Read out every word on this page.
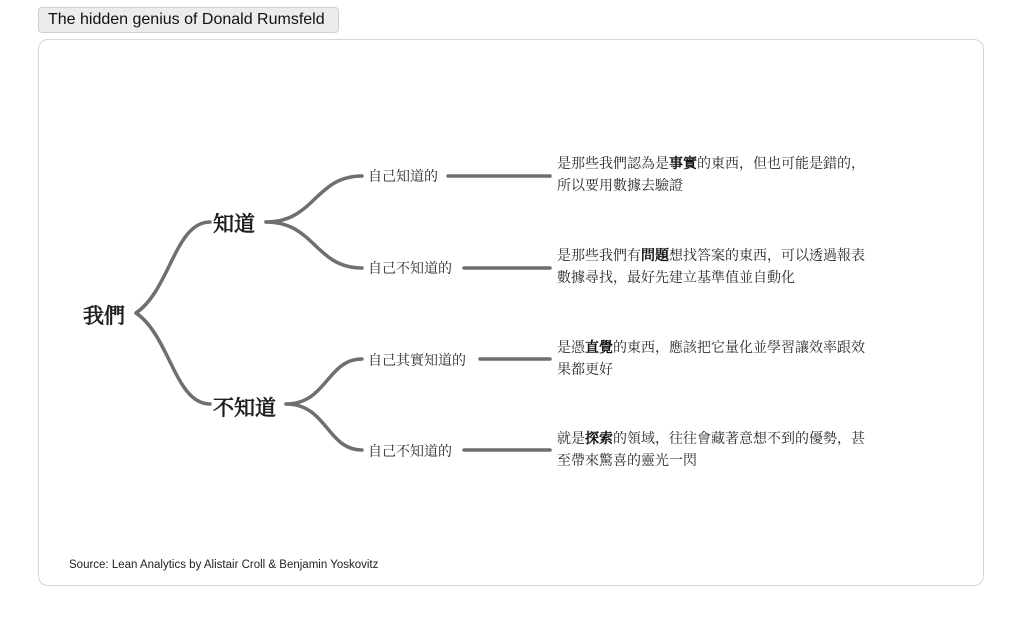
The hidden genius of Donald Rumsfeld
我們
知道
不知道
自己知道的
自己不知道的
自己其實知道的
自己不知道的
是那些我們認為是事實的東西，但也可能是錯的，所以要用數據去驗證
是那些我們有問題想找答案的東西，可以透過報表數據尋找，最好先建立基準值並自動化
是憑直覺的東西，應該把它量化並學習讓效率跟效果都更好
就是探索的領域，往往會藏著意想不到的優勢，甚至帶來驚喜的靈光一閃
Source: Lean Analytics by Alistair Croll & Benjamin Yoskovitz
